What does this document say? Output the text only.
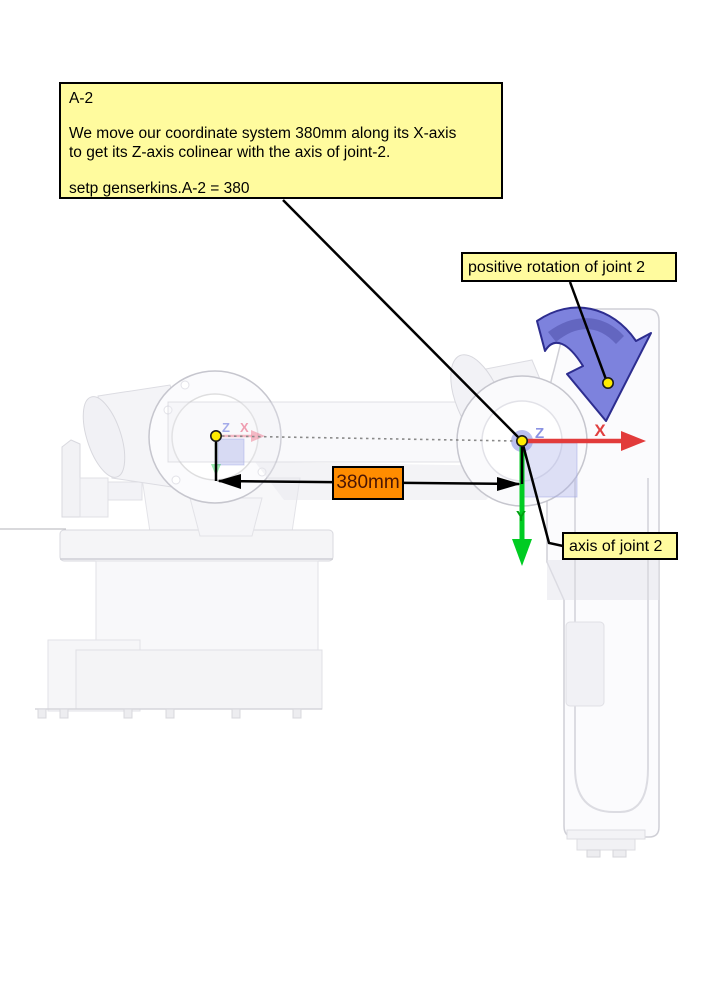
Z X	X
Z
Y
A-2
We move our coordinate system 380mm along its X-axis
to get its Z-axis colinear with the axis of joint-2.
setp genserkins.A-2 = 380
positive rotation of joint 2
axis of joint 2
380mm
